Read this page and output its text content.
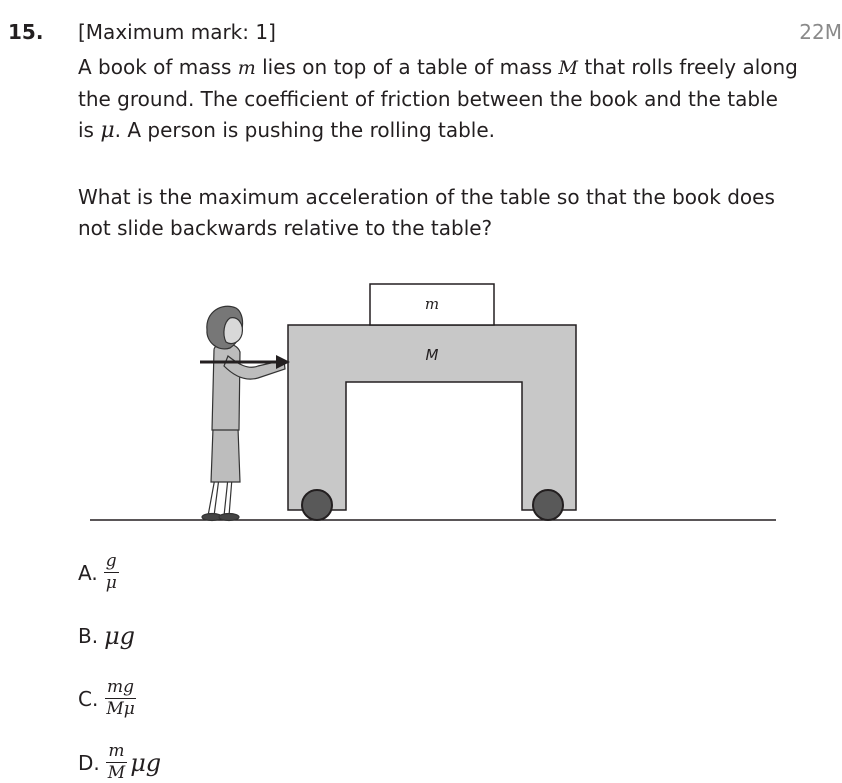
15. [Maximum mark: 1]	22M
A book of mass m lies on top of a table of mass M that rolls freely along the ground. The coefficient of friction between the book and the table is μ. A person is pushing the rolling table.
What is the maximum acceleration of the table so that the book does not slide backwards relative to the table?
m
M
A. $\frac{g}{\mu}$
B. μg
C. $\frac{mg}{M\mu}$
D. $\frac{m}{M}$ μg
